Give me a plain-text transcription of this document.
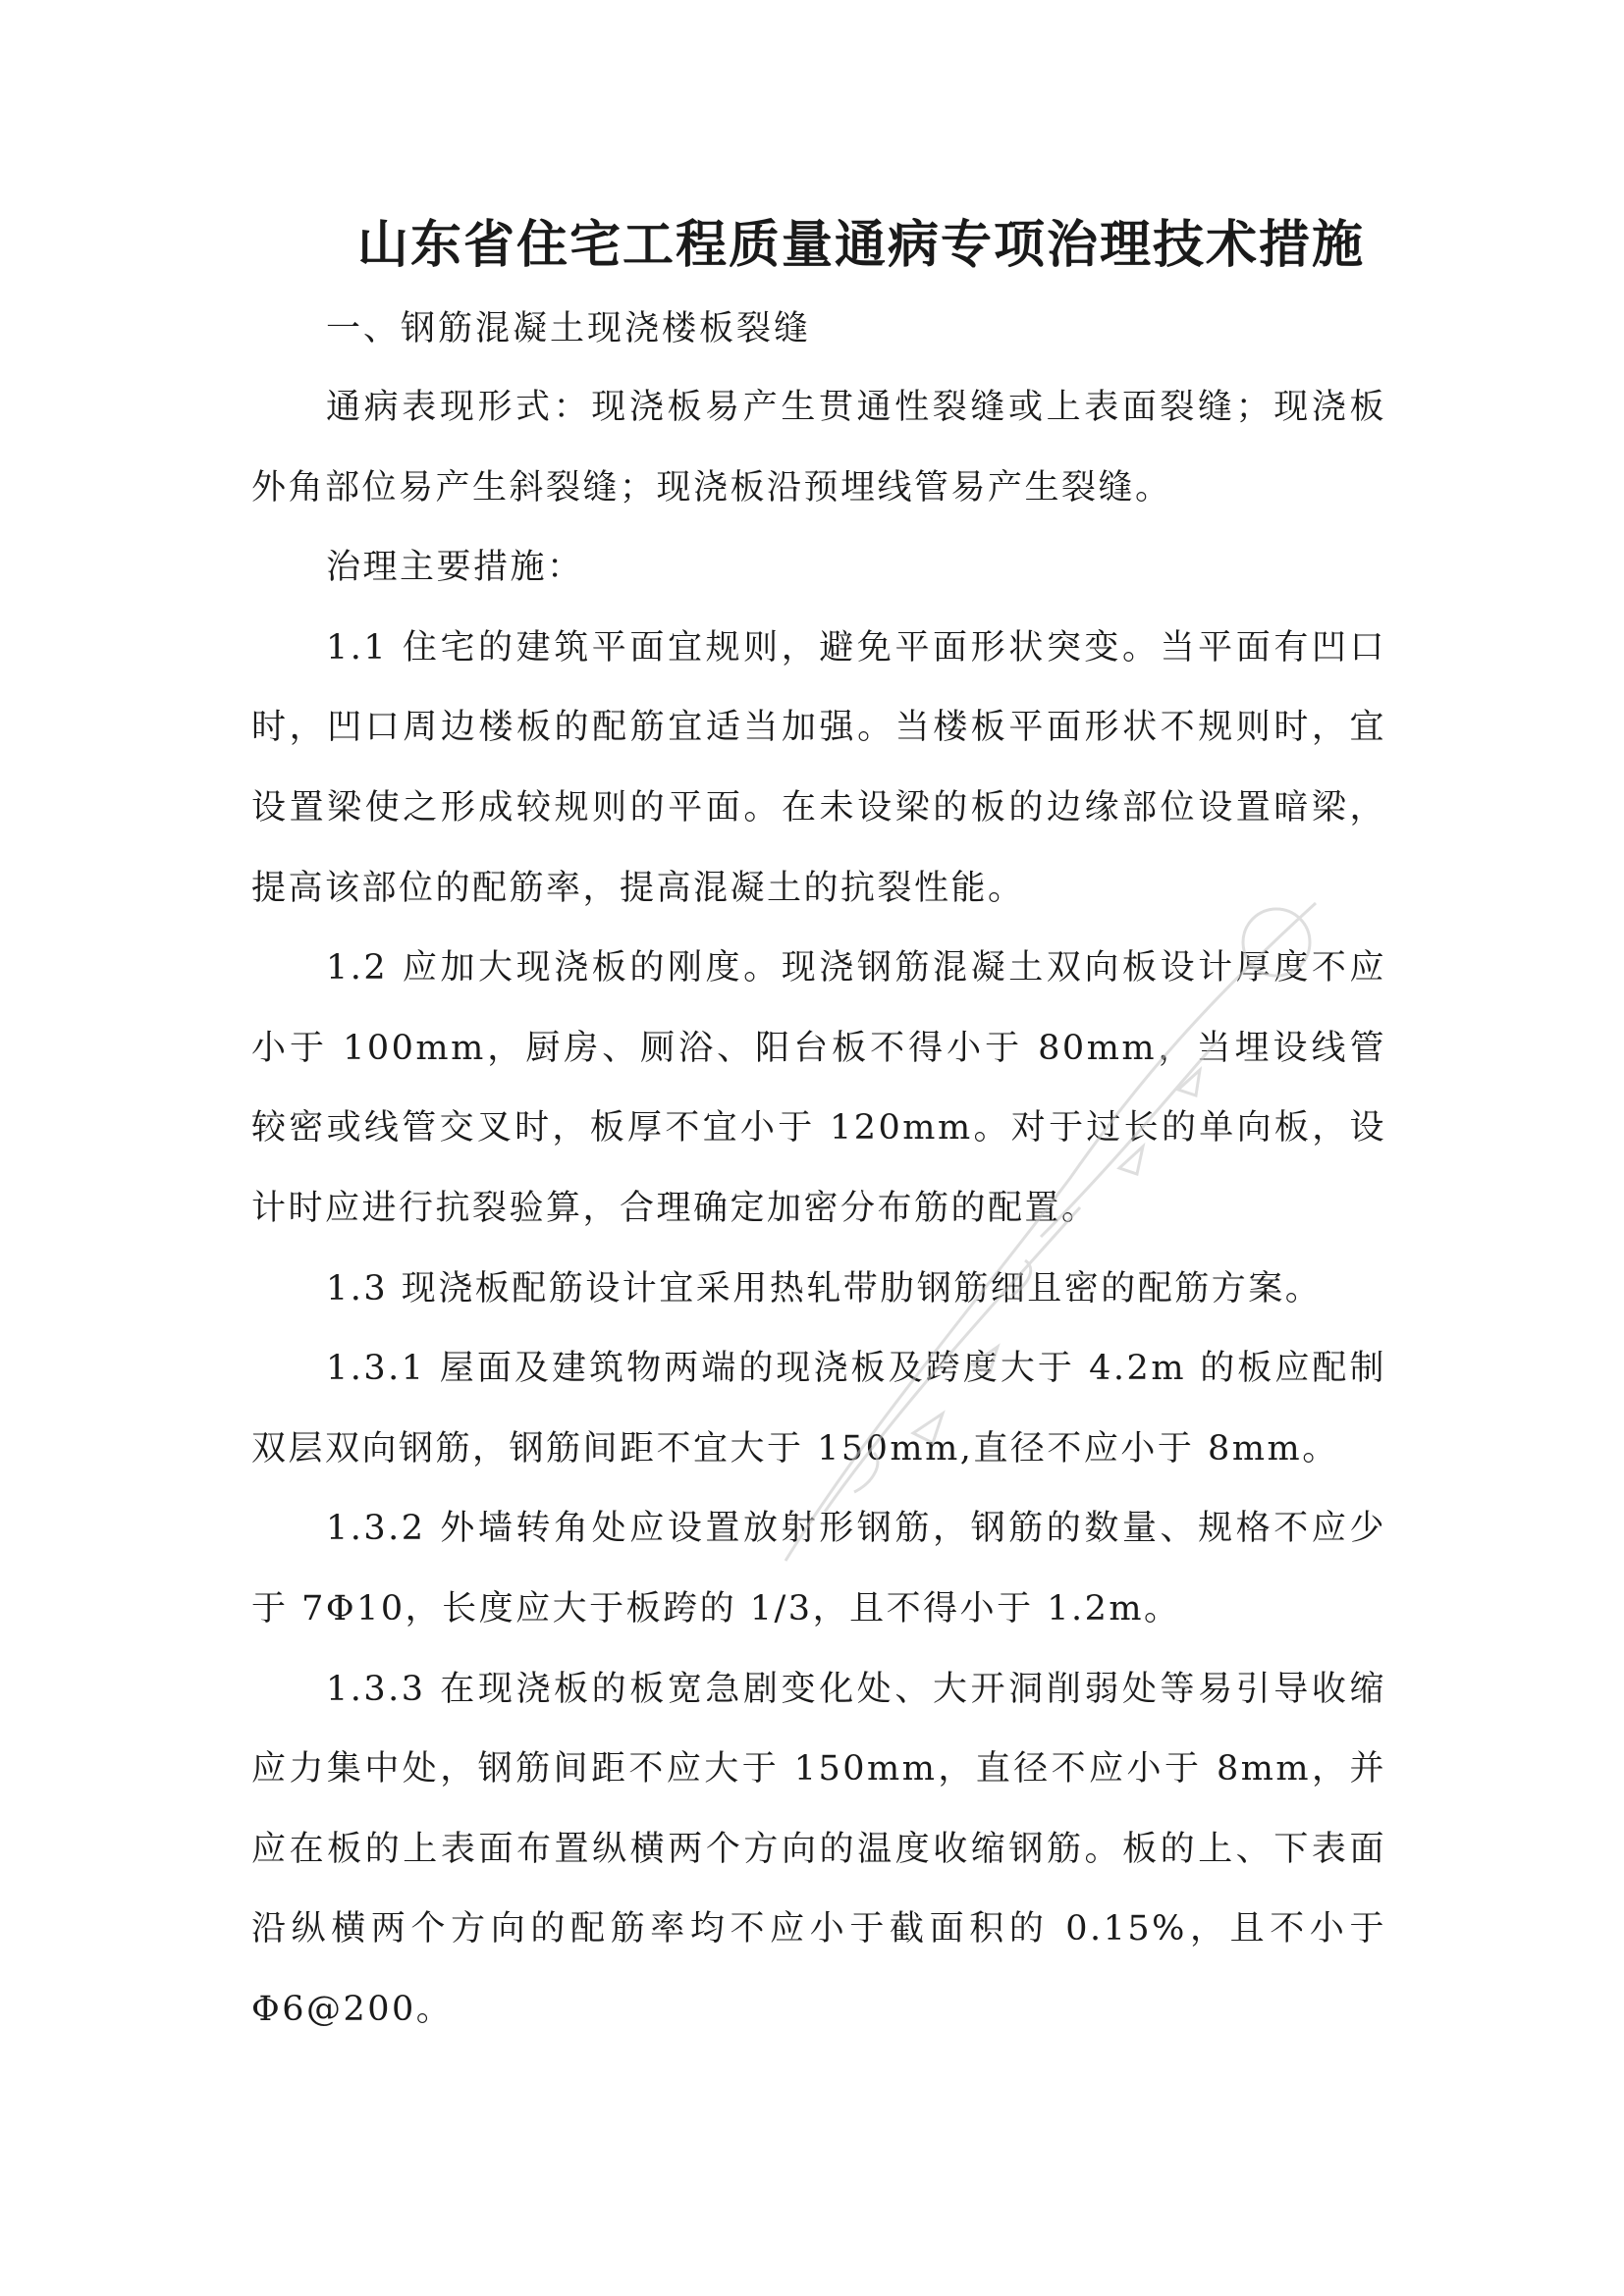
山东省住宅工程质量通病专项治理技术措施
一、钢筋混凝土现浇楼板裂缝

通病表现形式：现浇板易产生贯通性裂缝或上表面裂缝；现浇板外角部位易产生斜裂缝；现浇板沿预埋线管易产生裂缝。

治理主要措施：

1.1 住宅的建筑平面宜规则，避免平面形状突变。当平面有凹口时，凹口周边楼板的配筋宜适当加强。当楼板平面形状不规则时，宜设置梁使之形成较规则的平面。在未设梁的板的边缘部位设置暗梁，提高该部位的配筋率，提高混凝土的抗裂性能。

1.2 应加大现浇板的刚度。现浇钢筋混凝土双向板设计厚度不应小于 100mm，厨房、厕浴、阳台板不得小于 80mm，当埋设线管较密或线管交叉时，板厚不宜小于 120mm。对于过长的单向板，设计时应进行抗裂验算，合理确定加密分布筋的配置。

1.3 现浇板配筋设计宜采用热轧带肋钢筋细且密的配筋方案。

1.3.1 屋面及建筑物两端的现浇板及跨度大于 4.2m 的板应配制双层双向钢筋，钢筋间距不宜大于 150mm,直径不应小于 8mm。

1.3.2 外墙转角处应设置放射形钢筋，钢筋的数量、规格不应少于 7Φ10，长度应大于板跨的 1/3，且不得小于 1.2m。

1.3.3 在现浇板的板宽急剧变化处、大开洞削弱处等易引导收缩应力集中处，钢筋间距不应大于 150mm，直径不应小于 8mm，并应在板的上表面布置纵横两个方向的温度收缩钢筋。板的上、下表面沿纵横两个方向的配筋率均不应小于截面积的 0.15%，且不小于Φ6@200。
